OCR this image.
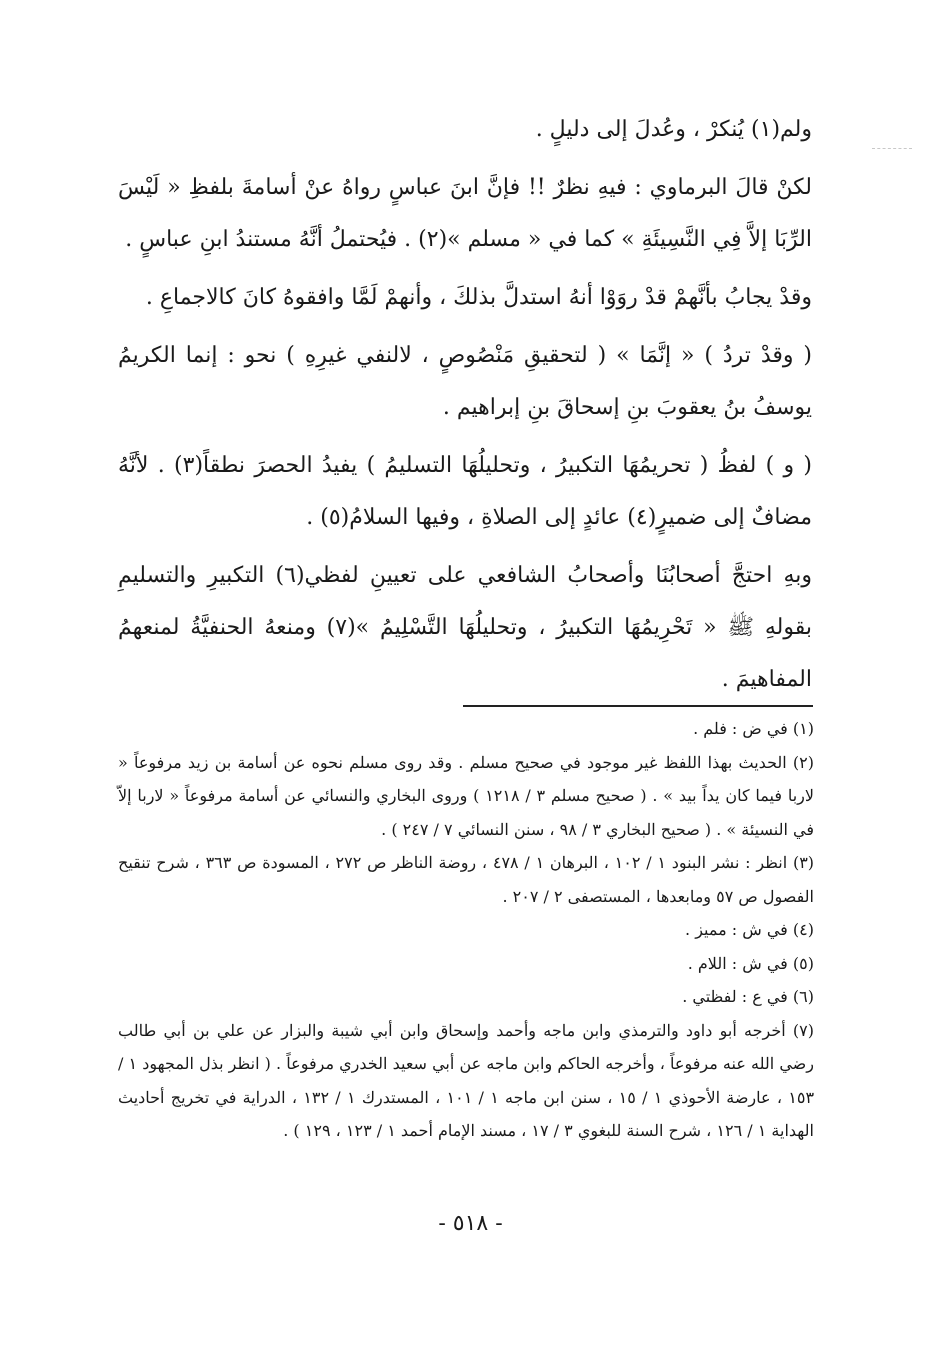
ولم(١) يُنكرْ ، وعُدلَ إلى دليلٍ .

لكنْ قالَ البرماوي : فيهِ نظرٌ !! فإنَّ ابنَ عباسٍ رواهُ عنْ أسامةَ بلفظِ « لَيْسَ الرِّبَا إلاَّ فِي النَّسِيئَةِ » كما في « مسلم »(٢) . فيُحتملُ أنَّهُ مستندُ ابنِ عباسٍ .

وقدْ يجابُ بأنَّهمْ قدْ روَوْا أنهُ استدلَّ بذلكَ ، وأنهمْ لَمَّا وافقوهُ كانَ كالاجماعِ .

( وقدْ تردُ ) « إنَّمَا » ( لتحقيقِ مَنْصُوصٍ ، لالنفي غيرِهِ ) نحو : إنما الكريمُ يوسفُ بنُ يعقوبَ بنِ إسحاقَ بنِ إبراهيم .

( و ) لفظُ ( تحريمُهَا التكبيرُ ، وتحليلُهَا التسليمُ ) يفيدُ الحصرَ نطقاً(٣) . لأنَّهُ مضافٌ إلى ضميرٍ(٤) عائدٍ إلى الصلاةِ ، وفيها السلامُ(٥) .

وبهِ احتجَّ أصحابُنَا وأصحابُ الشافعي على تعيينِ لفظي(٦) التكبيرِ والتسليمِ بقولهِ ﷺ « تَحْرِيمُهَا التكبيرُ ، وتحليلُهَا التَّسْلِيمُ »(٧) ومنعهُ الحنفيَّةُ لمنعهمُ المفاهيمَ .

(١) في ض : فلم .

(٢) الحديث بهذا اللفظ غير موجود في صحيح مسلم . وقد روى مسلم نحوه عن أسامة بن زيد مرفوعاً « لاربا فيما كان يداً بيد » . ( صحيح مسلم ٣ / ١٢١٨ ) وروى البخاري والنسائي عن أسامة مرفوعاً « لاربا إلاّ في النسيئة » . ( صحيح البخاري ٣ / ٩٨ ، سنن النسائي ٧ / ٢٤٧ ) .

(٣) انظر : نشر البنود ١ / ١٠٢ ، البرهان ١ / ٤٧٨ ، روضة الناظر ص ٢٧٢ ، المسودة ص ٣٦٣ ، شرح تنقيح الفصول ص ٥٧ ومابعدها ، المستصفى ٢ / ٢٠٧ .

(٤) في ش : مميز .

(٥) في ش : اللام .

(٦) في ع : لفظتي .

(٧) أخرجه أبو داود والترمذي وابن ماجه وأحمد وإسحاق وابن أبي شيبة والبزار عن علي بن أبي طالب رضي الله عنه مرفوعاً ، وأخرجه الحاكم وابن ماجه عن أبي سعيد الخدري مرفوعاً . ( انظر بذل المجهود ١ / ١٥٣ ، عارضة الأحوذي ١ / ١٥ ، سنن ابن ماجه ١ / ١٠١ ، المستدرك ١ / ١٣٢ ، الدراية في تخريج أحاديث الهداية ١ / ١٢٦ ، شرح السنة للبغوي ٣ / ١٧ ، مسند الإمام أحمد ١ / ١٢٣ ، ١٢٩ ) .

- ٥١٨ -
